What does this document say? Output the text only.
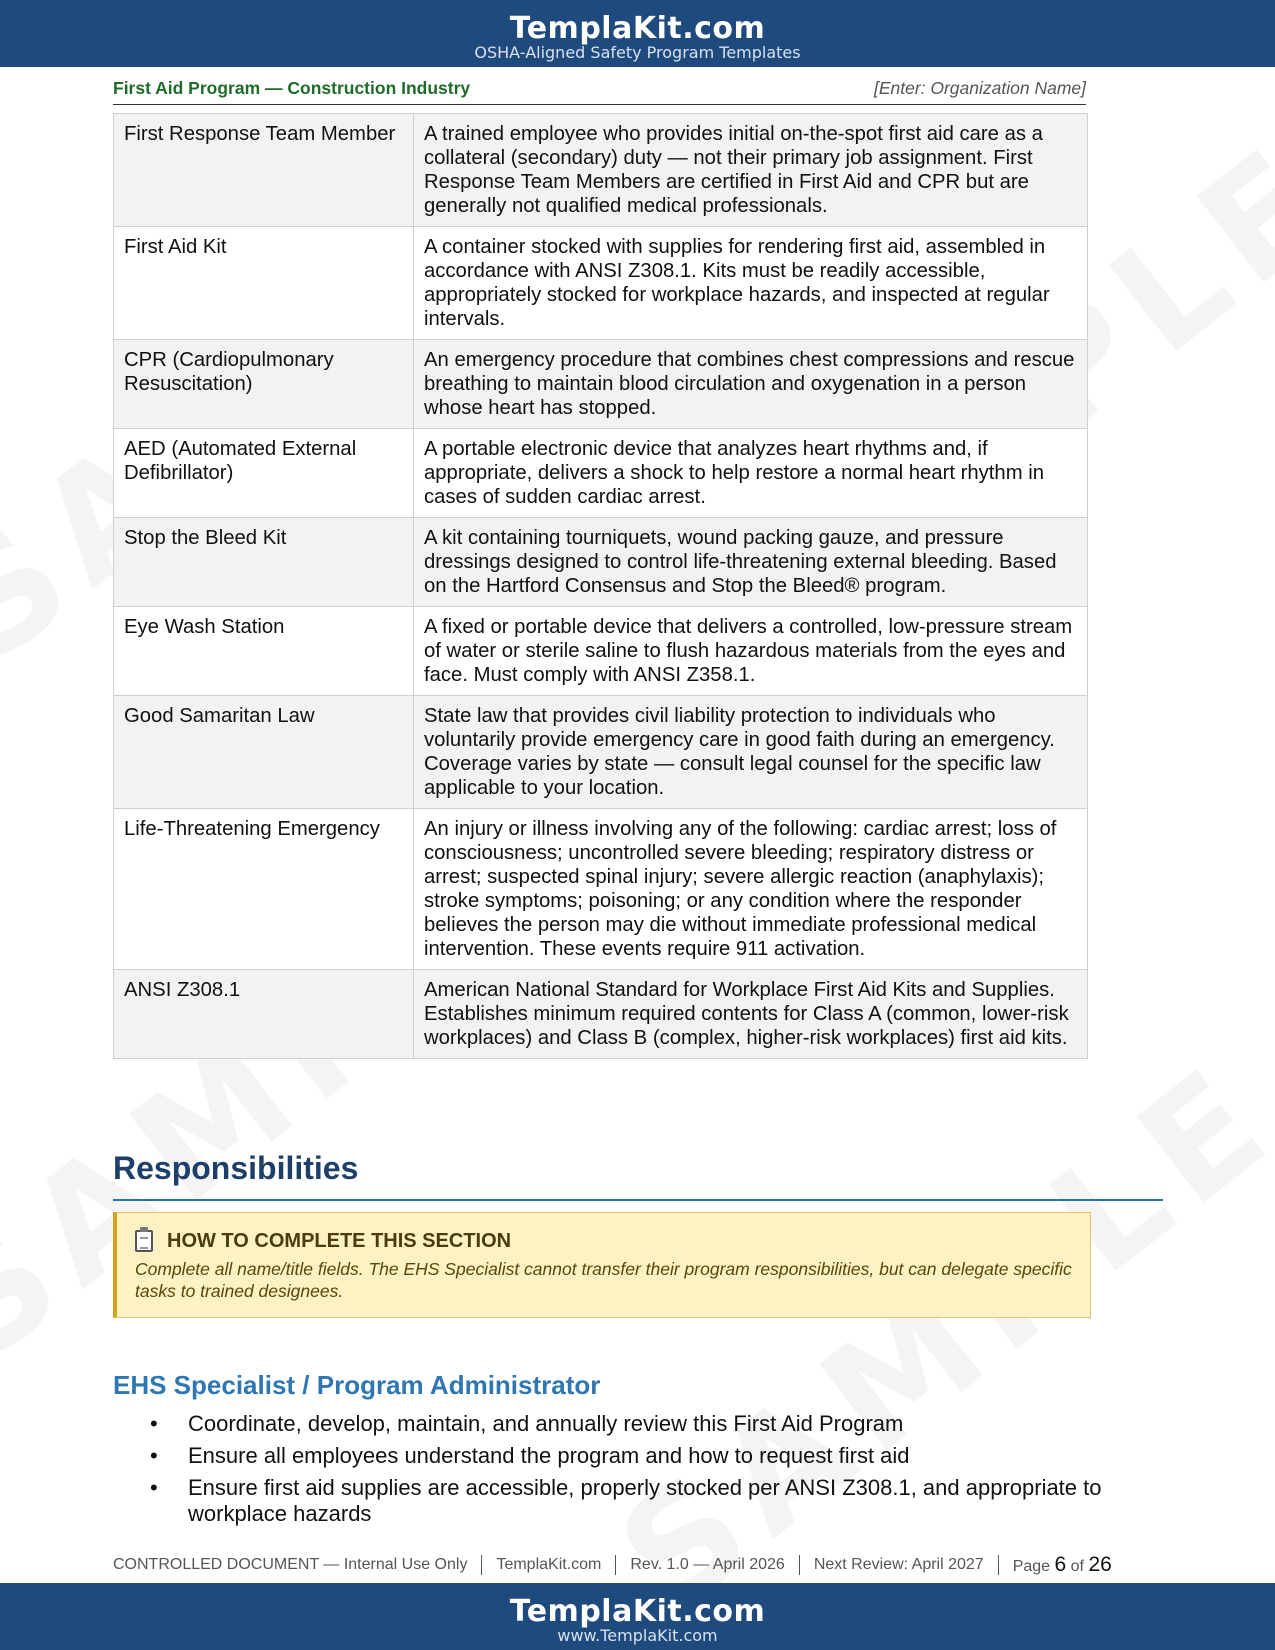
TemplaKit.com
OSHA-Aligned Safety Program Templates
First Aid Program — Construction Industry	[Enter: Organization Name]
First Response Team Member	A trained employee who provides initial on-the-spot first aid care as a collateral (secondary) duty — not their primary job assignment. First Response Team Members are certified in First Aid and CPR but are generally not qualified medical professionals.
First Aid Kit	A container stocked with supplies for rendering first aid, assembled in accordance with ANSI Z308.1. Kits must be readily accessible, appropriately stocked for workplace hazards, and inspected at regular intervals.
CPR (Cardiopulmonary Resuscitation)	An emergency procedure that combines chest compressions and rescue breathing to maintain blood circulation and oxygenation in a person whose heart has stopped.
AED (Automated External Defibrillator)	A portable electronic device that analyzes heart rhythms and, if appropriate, delivers a shock to help restore a normal heart rhythm in cases of sudden cardiac arrest.
Stop the Bleed Kit	A kit containing tourniquets, wound packing gauze, and pressure dressings designed to control life-threatening external bleeding. Based on the Hartford Consensus and Stop the Bleed® program.
Eye Wash Station	A fixed or portable device that delivers a controlled, low-pressure stream of water or sterile saline to flush hazardous materials from the eyes and face. Must comply with ANSI Z358.1.
Good Samaritan Law	State law that provides civil liability protection to individuals who voluntarily provide emergency care in good faith during an emergency. Coverage varies by state — consult legal counsel for the specific law applicable to your location.
Life-Threatening Emergency	An injury or illness involving any of the following: cardiac arrest; loss of consciousness; uncontrolled severe bleeding; respiratory distress or arrest; suspected spinal injury; severe allergic reaction (anaphylaxis); stroke symptoms; poisoning; or any condition where the responder believes the person may die without immediate professional medical intervention. These events require 911 activation.
ANSI Z308.1	American National Standard for Workplace First Aid Kits and Supplies. Establishes minimum required contents for Class A (common, lower-risk workplaces) and Class B (complex, higher-risk workplaces) first aid kits.
Responsibilities
HOW TO COMPLETE THIS SECTION
Complete all name/title fields. The EHS Specialist cannot transfer their program responsibilities, but can delegate specific tasks to trained designees.
EHS Specialist / Program Administrator
• Coordinate, develop, maintain, and annually review this First Aid Program
• Ensure all employees understand the program and how to request first aid
• Ensure first aid supplies are accessible, properly stocked per ANSI Z308.1, and appropriate to workplace hazards
CONTROLLED DOCUMENT — Internal Use Only TemplaKit.com Rev. 1.0 — April 2026 Next Review: April 2027 Page 6 of 26
TemplaKit.com
www.TemplaKit.com
